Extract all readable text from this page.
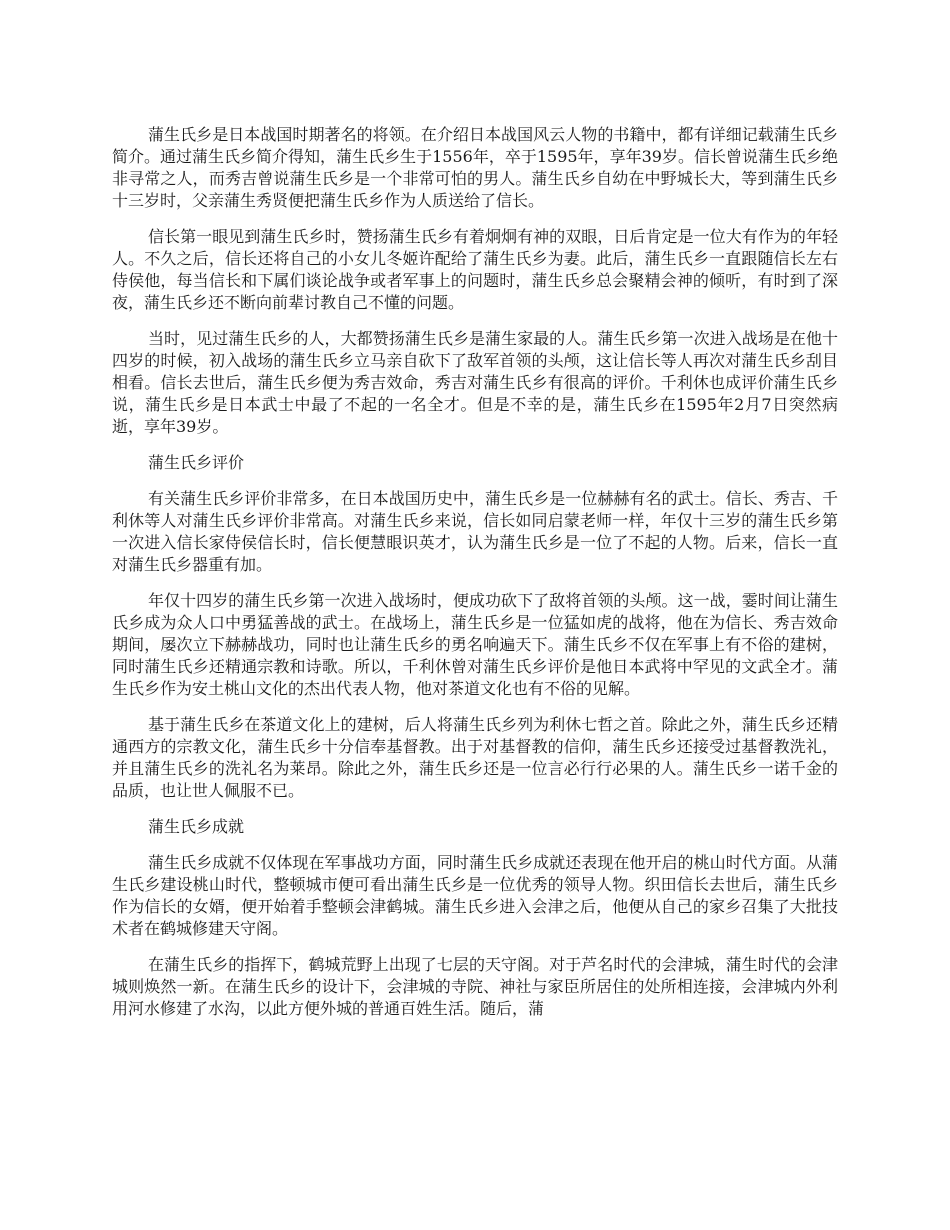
蒲生氏乡是日本战国时期著名的将领。在介绍日本战国风云人物的书籍中，都有详细记载蒲生氏乡简介。通过蒲生氏乡简介得知，蒲生氏乡生于1556年，卒于1595年，享年39岁。信长曾说蒲生氏乡绝非寻常之人，而秀吉曾说蒲生氏乡是一个非常可怕的男人。蒲生氏乡自幼在中野城长大，等到蒲生氏乡十三岁时，父亲蒲生秀贤便把蒲生氏乡作为人质送给了信长。

信长第一眼见到蒲生氏乡时，赞扬蒲生氏乡有着炯炯有神的双眼，日后肯定是一位大有作为的年轻人。不久之后，信长还将自己的小女儿冬姬许配给了蒲生氏乡为妻。此后，蒲生氏乡一直跟随信长左右侍侯他，每当信长和下属们谈论战争或者军事上的问题时，蒲生氏乡总会聚精会神的倾听，有时到了深夜，蒲生氏乡还不断向前辈讨教自己不懂的问题。

当时，见过蒲生氏乡的人，大都赞扬蒲生氏乡是蒲生家最的人。蒲生氏乡第一次进入战场是在他十四岁的时候，初入战场的蒲生氏乡立马亲自砍下了敌军首领的头颅，这让信长等人再次对蒲生氏乡刮目相看。信长去世后，蒲生氏乡便为秀吉效命，秀吉对蒲生氏乡有很高的评价。千利休也成评价蒲生氏乡说，蒲生氏乡是日本武士中最了不起的一名全才。但是不幸的是，蒲生氏乡在1595年2月7日突然病逝，享年39岁。

蒲生氏乡评价

有关蒲生氏乡评价非常多，在日本战国历史中，蒲生氏乡是一位赫赫有名的武士。信长、秀吉、千利休等人对蒲生氏乡评价非常高。对蒲生氏乡来说，信长如同启蒙老师一样，年仅十三岁的蒲生氏乡第一次进入信长家侍侯信长时，信长便慧眼识英才，认为蒲生氏乡是一位了不起的人物。后来，信长一直对蒲生氏乡器重有加。

年仅十四岁的蒲生氏乡第一次进入战场时，便成功砍下了敌将首领的头颅。这一战，霎时间让蒲生氏乡成为众人口中勇猛善战的武士。在战场上，蒲生氏乡是一位猛如虎的战将，他在为信长、秀吉效命期间，屡次立下赫赫战功，同时也让蒲生氏乡的勇名响遍天下。蒲生氏乡不仅在军事上有不俗的建树，同时蒲生氏乡还精通宗教和诗歌。所以，千利休曾对蒲生氏乡评价是他日本武将中罕见的文武全才。蒲生氏乡作为安土桃山文化的杰出代表人物，他对茶道文化也有不俗的见解。

基于蒲生氏乡在茶道文化上的建树，后人将蒲生氏乡列为利休七哲之首。除此之外，蒲生氏乡还精通西方的宗教文化，蒲生氏乡十分信奉基督教。出于对基督教的信仰，蒲生氏乡还接受过基督教洗礼，并且蒲生氏乡的洗礼名为莱昂。除此之外，蒲生氏乡还是一位言必行行必果的人。蒲生氏乡一诺千金的品质，也让世人佩服不已。

蒲生氏乡成就

蒲生氏乡成就不仅体现在军事战功方面，同时蒲生氏乡成就还表现在他开启的桃山时代方面。从蒲生氏乡建设桃山时代，整顿城市便可看出蒲生氏乡是一位优秀的领导人物。织田信长去世后，蒲生氏乡作为信长的女婿，便开始着手整顿会津鹤城。蒲生氏乡进入会津之后，他便从自己的家乡召集了大批技术者在鹤城修建天守阁。

在蒲生氏乡的指挥下，鹤城荒野上出现了七层的天守阁。对于芦名时代的会津城，蒲生时代的会津城则焕然一新。在蒲生氏乡的设计下，会津城的寺院、神社与家臣所居住的处所相连接，会津城内外利用河水修建了水沟，以此方便外城的普通百姓生活。随后，蒲
